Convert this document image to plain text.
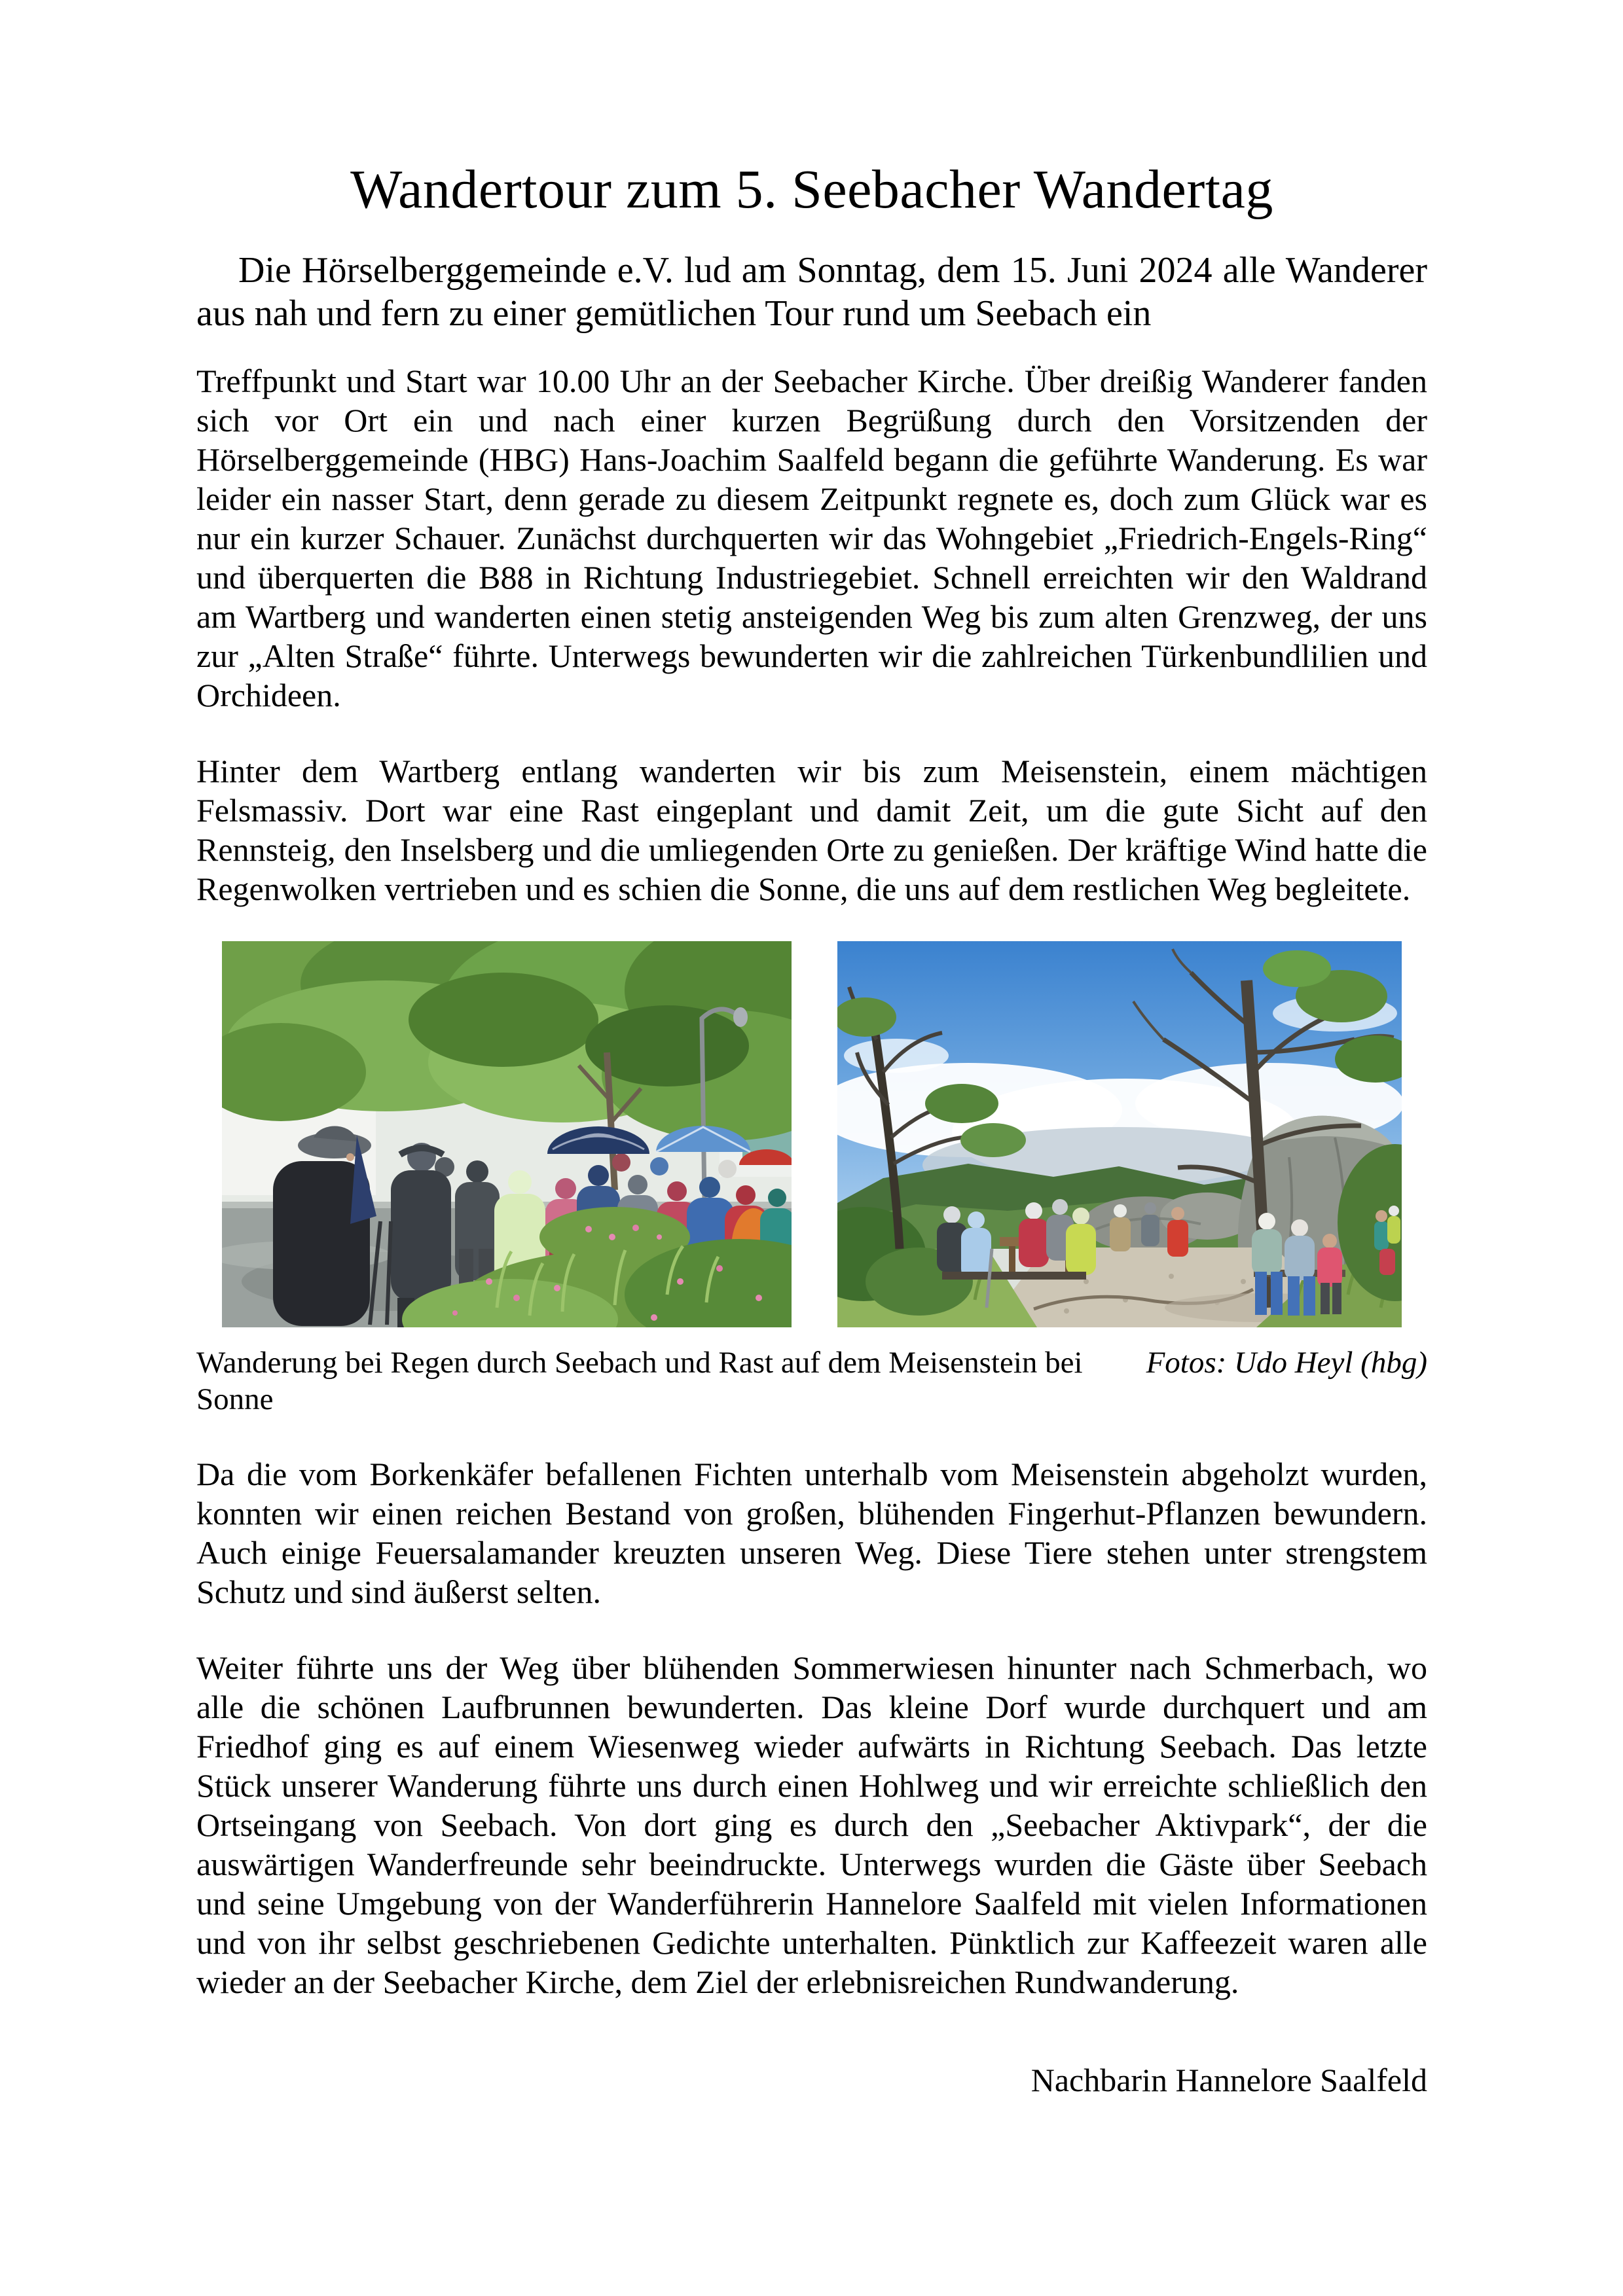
Wandertour zum 5. Seebacher Wandertag

Die Hörselberggemeinde e.V. lud am Sonntag, dem 15. Juni 2024 alle Wanderer aus nah und fern zu einer gemütlichen Tour rund um Seebach ein

Treffpunkt und Start war 10.00 Uhr an der Seebacher Kirche. Über dreißig Wanderer fanden sich vor Ort ein und nach einer kurzen Begrüßung durch den Vorsitzenden der Hörselberggemeinde (HBG) Hans-Joachim Saalfeld begann die geführte Wanderung. Es war leider ein nasser Start, denn gerade zu diesem Zeitpunkt regnete es, doch zum Glück war es nur ein kurzer Schauer. Zunächst durchquerten wir das Wohngebiet „Friedrich-Engels-Ring“ und überquerten die B88 in Richtung Industriegebiet. Schnell erreichten wir den Waldrand am Wartberg und wanderten einen stetig ansteigenden Weg bis zum alten Grenzweg, der uns zur „Alten Straße“ führte. Unterwegs bewunderten wir die zahlreichen Türkenbundlilien und Orchideen.

Hinter dem Wartberg entlang wanderten wir bis zum Meisenstein, einem mächtigen Felsmassiv. Dort war eine Rast eingeplant und damit Zeit, um die gute Sicht auf den Rennsteig, den Inselsberg und die umliegenden Orte zu genießen. Der kräftige Wind hatte die Regenwolken vertrieben und es schien die Sonne, die uns auf dem restlichen Weg begleitete.

Wanderung bei Regen durch Seebach und Rast auf dem Meisenstein bei Sonne
Fotos: Udo Heyl (hbg)

Da die vom Borkenkäfer befallenen Fichten unterhalb vom Meisenstein abgeholzt wurden, konnten wir einen reichen Bestand von großen, blühenden Fingerhut-Pflanzen bewundern. Auch einige Feuersalamander kreuzten unseren Weg. Diese Tiere stehen unter strengstem Schutz und sind äußerst selten.

Weiter führte uns der Weg über blühenden Sommerwiesen hinunter nach Schmerbach, wo alle die schönen Laufbrunnen bewunderten. Das kleine Dorf wurde durchquert und am Friedhof ging es auf einem Wiesenweg wieder aufwärts in Richtung Seebach. Das letzte Stück unserer Wanderung führte uns durch einen Hohlweg und wir erreichte schließlich den Ortseingang von Seebach. Von dort ging es durch den „Seebacher Aktivpark“, der die auswärtigen Wanderfreunde sehr beeindruckte. Unterwegs wurden die Gäste über Seebach und seine Umgebung von der Wanderführerin Hannelore Saalfeld mit vielen Informationen und von ihr selbst geschriebenen Gedichte unterhalten. Pünktlich zur Kaffeezeit waren alle wieder an der Seebacher Kirche, dem Ziel der erlebnisreichen Rundwanderung.

Nachbarin Hannelore Saalfeld
